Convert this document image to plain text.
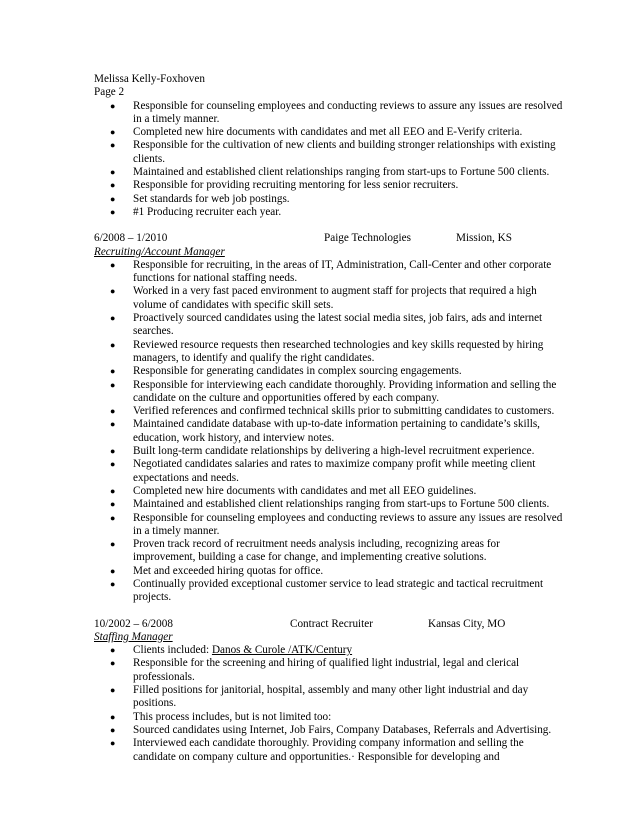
Melissa Kelly-Foxhoven
Page 2
● Responsible for counseling employees and conducting reviews to assure any issues are resolved in a timely manner.
● Completed new hire documents with candidates and met all EEO and E-Verify criteria.
● Responsible for the cultivation of new clients and building stronger relationships with existing clients.
● Maintained and established client relationships ranging from start-ups to Fortune 500 clients.
● Responsible for providing recruiting mentoring for less senior recruiters.
● Set standards for web job postings.
● #1 Producing recruiter each year.
6/2008 – 1/2010	Paige Technologies	Mission, KS
Recruiting/Account Manager
● Responsible for recruiting, in the areas of IT, Administration, Call-Center and other corporate functions for national staffing needs.
● Worked in a very fast paced environment to augment staff for projects that required a high volume of candidates with specific skill sets.
● Proactively sourced candidates using the latest social media sites, job fairs, ads and internet searches.
● Reviewed resource requests then researched technologies and key skills requested by hiring managers, to identify and qualify the right candidates.
● Responsible for generating candidates in complex sourcing engagements.
● Responsible for interviewing each candidate thoroughly. Providing information and selling the candidate on the culture and opportunities offered by each company.
● Verified references and confirmed technical skills prior to submitting candidates to customers.
● Maintained candidate database with up-to-date information pertaining to candidate’s skills, education, work history, and interview notes.
● Built long-term candidate relationships by delivering a high-level recruitment experience.
● Negotiated candidates salaries and rates to maximize company profit while meeting client expectations and needs.
● Completed new hire documents with candidates and met all EEO guidelines.
● Maintained and established client relationships ranging from start-ups to Fortune 500 clients.
● Responsible for counseling employees and conducting reviews to assure any issues are resolved in a timely manner.
● Proven track record of recruitment needs analysis including, recognizing areas for improvement, building a case for change, and implementing creative solutions.
● Met and exceeded hiring quotas for office.
● Continually provided exceptional customer service to lead strategic and tactical recruitment projects.
10/2002 – 6/2008	Contract Recruiter	Kansas City, MO
Staffing Manager
● Clients included: Danos & Curole /ATK/Century
● Responsible for the screening and hiring of qualified light industrial, legal and clerical professionals.
● Filled positions for janitorial, hospital, assembly and many other light industrial and day positions.
● This process includes, but is not limited too:
● Sourced candidates using Internet, Job Fairs, Company Databases, Referrals and Advertising.
● Interviewed each candidate thoroughly. Providing company information and selling the candidate on company culture and opportunities.· Responsible for developing and
